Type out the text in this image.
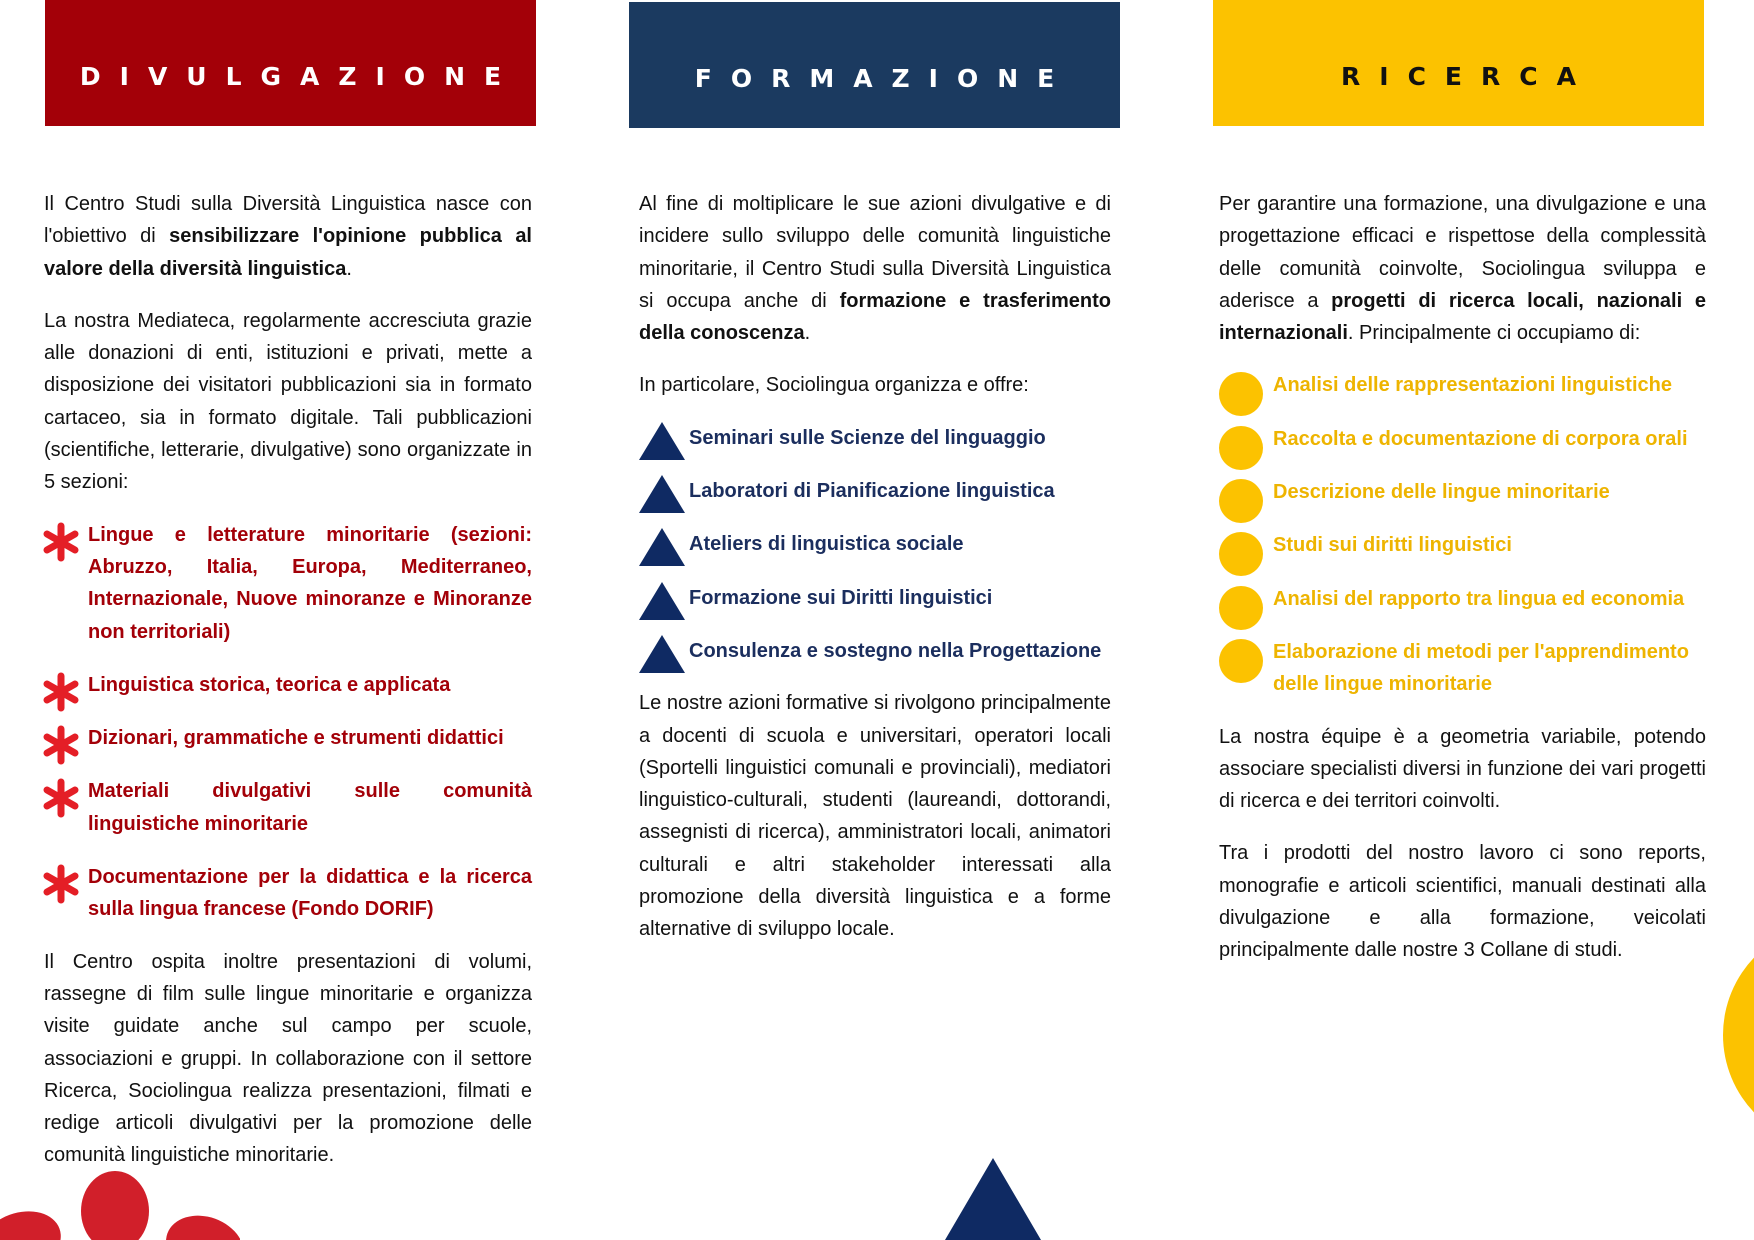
DIVULGAZIONE	FORMAZIONE	RICERCA

Il Centro Studi sulla Diversità Linguistica nasce con l'obiettivo di sensibilizzare l'opinione pubblica al valore della diversità linguistica.

La nostra Mediateca, regolarmente accresciuta grazie alle donazioni di enti, istituzioni e privati, mette a disposizione dei visitatori pubblicazioni sia in formato cartaceo, sia in formato digitale. Tali pubblicazioni (scientifiche, letterarie, divulgative) sono organizzate in 5 sezioni:

Lingue e letterature minoritarie (sezioni: Abruzzo, Italia, Europa, Mediterraneo, Internazionale, Nuove minoranze e Minoranze non territoriali)
Linguistica storica, teorica e applicata
Dizionari, grammatiche e strumenti didattici
Materiali divulgativi sulle comunità linguistiche minoritarie
Documentazione per la didattica e la ricerca sulla lingua francese (Fondo DORIF)

Il Centro ospita inoltre presentazioni di volumi, rassegne di film sulle lingue minoritarie e organizza visite guidate anche sul campo per scuole, associazioni e gruppi. In collaborazione con il settore Ricerca, Sociolingua realizza presentazioni, filmati e redige articoli divulgativi per la promozione delle comunità linguistiche minoritarie.

Al fine di moltiplicare le sue azioni divulgative e di incidere sullo sviluppo delle comunità linguistiche minoritarie, il Centro Studi sulla Diversità Linguistica si occupa anche di formazione e trasferimento della conoscenza.

In particolare, Sociolingua organizza e offre:

Seminari sulle Scienze del linguaggio
Laboratori di Pianificazione linguistica
Ateliers di linguistica sociale
Formazione sui Diritti linguistici
Consulenza e sostegno nella Progettazione

Le nostre azioni formative si rivolgono principalmente a docenti di scuola e universitari, operatori locali (Sportelli linguistici comunali e provinciali), mediatori linguistico-culturali, studenti (laureandi, dottorandi, assegnisti di ricerca), amministratori locali, animatori culturali e altri stakeholder interessati alla promozione della diversità linguistica e a forme alternative di sviluppo locale.

Per garantire una formazione, una divulgazione e una progettazione efficaci e rispettose della complessità delle comunità coinvolte, Sociolingua sviluppa e aderisce a progetti di ricerca locali, nazionali e internazionali. Principalmente ci occupiamo di:

Analisi delle rappresentazioni linguistiche
Raccolta e documentazione di corpora orali
Descrizione delle lingue minoritarie
Studi sui diritti linguistici
Analisi del rapporto tra lingua ed economia
Elaborazione di metodi per l'apprendimento delle lingue minoritarie

La nostra équipe è a geometria variabile, potendo associare specialisti diversi in funzione dei vari progetti di ricerca e dei territori coinvolti.

Tra i prodotti del nostro lavoro ci sono reports, monografie e articoli scientifici, manuali destinati alla divulgazione e alla formazione, veicolati principalmente dalle nostre 3 Collane di studi.
